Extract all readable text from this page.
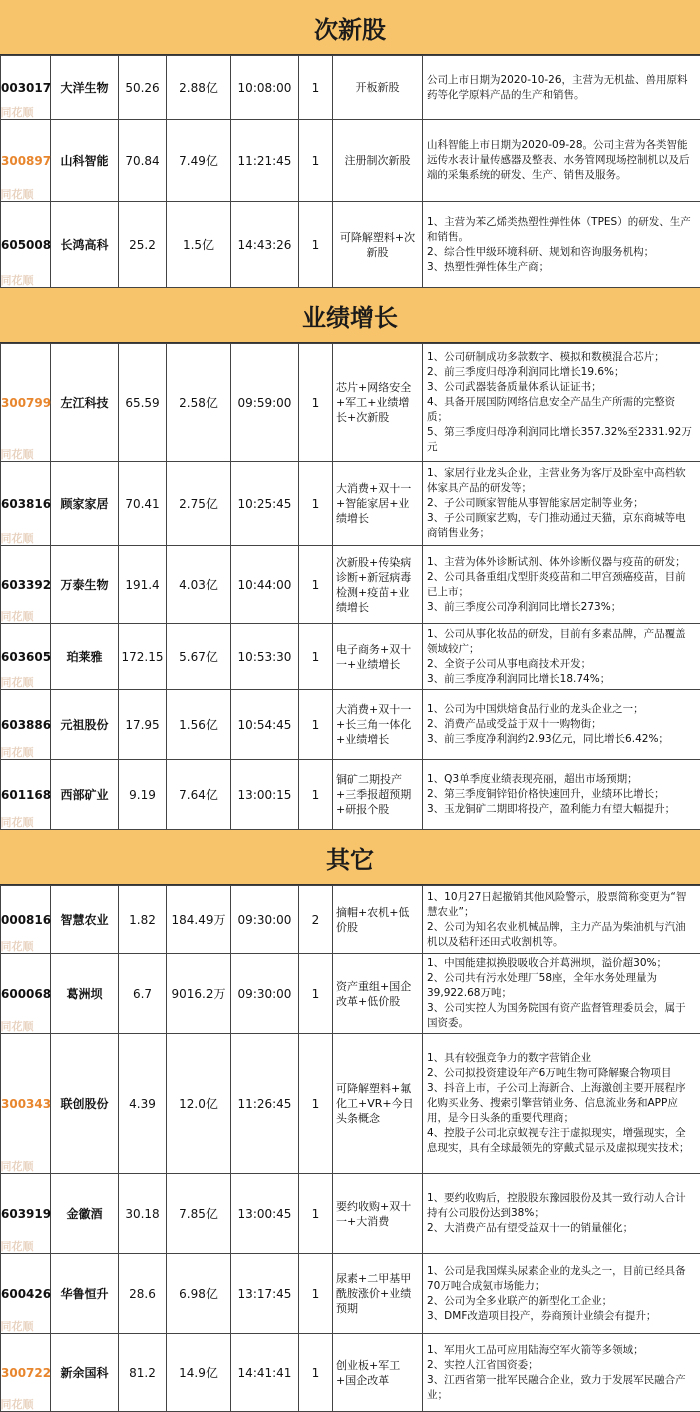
次新股
003017	大洋生物	50.26	2.88亿	10:08:00	1	开板新股	公司上市日期为2020-10-26，主营为无机盐、兽用原料药等化学原料产品的生产和销售。

300897	山科智能	70.84	7.49亿	11:21:45	1	注册制次新股	山科智能上市日期为2020-09-28。公司主营为各类智能远传水表计量传感器及整表、水务管网现场控制机以及后端的采集系统的研发、生产、销售及服务。

605008	长鸿高科	25.2	1.5亿	14:43:26	1	可降解塑料+次新股	1、主营为苯乙烯类热塑性弹性体（TPES）的研发、生产和销售。
2、综合性甲级环境科研、规划和咨询服务机构；
3、热塑性弹性体生产商；
业绩增长
300799	左江科技	65.59	2.58亿	09:59:00	1	芯片+网络安全+军工+业绩增长+次新股	1、公司研制成功多款数字、模拟和数模混合芯片；
2、前三季度归母净利润同比增长19.6%；
3、公司武器装备质量体系认证证书；
4、具备开展国防网络信息安全产品生产所需的完整资质；
5、第三季度归母净利润同比增长357.32%至2331.92万元

603816	顾家家居	70.41	2.75亿	10:25:45	1	大消费+双十一+智能家居+业绩增长	1、家居行业龙头企业，主营业务为客厅及卧室中高档软体家具产品的研发等；
2、子公司顾家智能从事智能家居定制等业务；
3、子公司顾家艺购，专门推动通过天猫，京东商城等电商销售业务；

603392	万泰生物	191.4	4.03亿	10:44:00	1	次新股+传染病诊断+新冠病毒检测+疫苗+业绩增长	1、主营为体外诊断试剂、体外诊断仪器与疫苗的研发；
2、公司具备重组戊型肝炎疫苗和二甲宫颈癌疫苗，目前已上市；
3、前三季度公司净利润同比增长273%；

603605	珀莱雅	172.15	5.67亿	10:53:30	1	电子商务+双十一+业绩增长	1、公司从事化妆品的研发，目前有多素品牌，产品覆盖领域较广；
2、全资子公司从事电商技术开发；
3、前三季度净利润同比增长18.74%；

603886	元祖股份	17.95	1.56亿	10:54:45	1	大消费+双十一+长三角一体化+业绩增长	1、公司为中国烘焙食品行业的龙头企业之一；
2、消费产品或受益于双十一购物街；
3、前三季度净利润约2.93亿元，同比增长6.42%；

601168	西部矿业	9.19	7.64亿	13:00:15	1	铜矿二期投产+三季报超预期+研报个股	1、Q3单季度业绩表现亮丽，超出市场预期；
2、第三季度铜锌铅价格快速回升，业绩环比增长；
3、玉龙铜矿二期即将投产，盈利能力有望大幅提升；
其它
000816	智慧农业	1.82	184.49万	09:30:00	2	摘帽+农机+低价股	1、10月27日起撤销其他风险警示，股票简称变更为“智慧农业”；
2、公司为知名农业机械品牌，主力产品为柴油机与汽油机以及秸秆还田式收割机等。

600068	葛洲坝	6.7	9016.2万	09:30:00	1	资产重组+国企改革+低价股	1、中国能建拟换股吸收合并葛洲坝，溢价超30%；
2、公司共有污水处理厂58座，全年水务处理量为39,922.68万吨；
3、公司实控人为国务院国有资产监督管理委员会，属于国资委。

300343	联创股份	4.39	12.0亿	11:26:45	1	可降解塑料+氟化工+VR+今日头条概念	1、具有较强竞争力的数字营销企业
2、公司拟投资建设年产6万吨生物可降解聚合物项目
3、抖音上市，子公司上海新合、上海激创主要开展程序化购买业务、搜索引擎营销业务、信息流业务和APP应用，是今日头条的重要代理商；
4、控股子公司北京蚁视专注于虚拟现实，增强现实，全息现实，具有全球最领先的穿戴式显示及虚拟现实技术；

603919	金徽酒	30.18	7.85亿	13:00:45	1	要约收购+双十一+大消费	1、要约收购后，控股股东豫园股份及其一致行动人合计持有公司股份达到38%；
2、大消费产品有望受益双十一的销量催化；

600426	华鲁恒升	28.6	6.98亿	13:17:45	1	尿素+二甲基甲酰胺涨价+业绩预期	1、公司是我国煤头尿素企业的龙头之一，目前已经具备70万吨合成氨市场能力；
2、公司为全多业联产的新型化工企业；
3、DMF改造项目投产，券商预计业绩会有提升；

300722	新余国科	81.2	14.9亿	14:41:41	1	创业板+军工+国企改革	1、军用火工品可应用陆海空军火箭等多领域；
2、实控人江省国资委；
3、江西省第一批军民融合企业，致力于发展军民融合产业；
同花顺
同花顺
同花顺
同花顺
同花顺
同花顺
同花顺
同花顺
同花顺
同花顺
同花顺
同花顺
同花顺
同花顺
同花顺
